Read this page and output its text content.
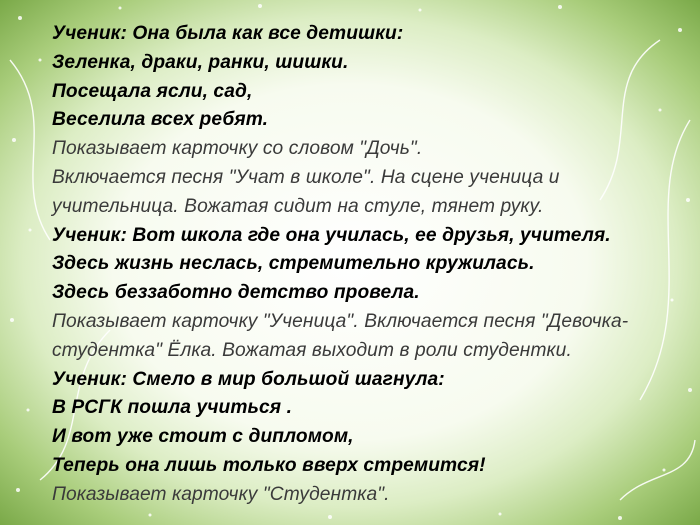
Ученик: Она была как все детишки:
Зеленка, драки, ранки, шишки.
Посещала ясли, сад,
Веселила всех ребят.
Показывает карточку со словом "Дочь".
Включается песня "Учат в школе". На сцене ученица и
учительница. Вожатая сидит на стуле, тянет руку.
Ученик: Вот школа где она училась, ее друзья, учителя.
Здесь жизнь неслась, стремительно кружилась.
Здесь беззаботно детство провела.
Показывает карточку "Ученица". Включается песня "Девочка-
студентка" Ёлка. Вожатая выходит в роли студентки.
Ученик: Смело в мир большой шагнула:
В РСГК пошла учиться .
И вот уже стоит с дипломом,
Теперь она лишь только вверх стремится!
Показывает карточку "Студентка".
